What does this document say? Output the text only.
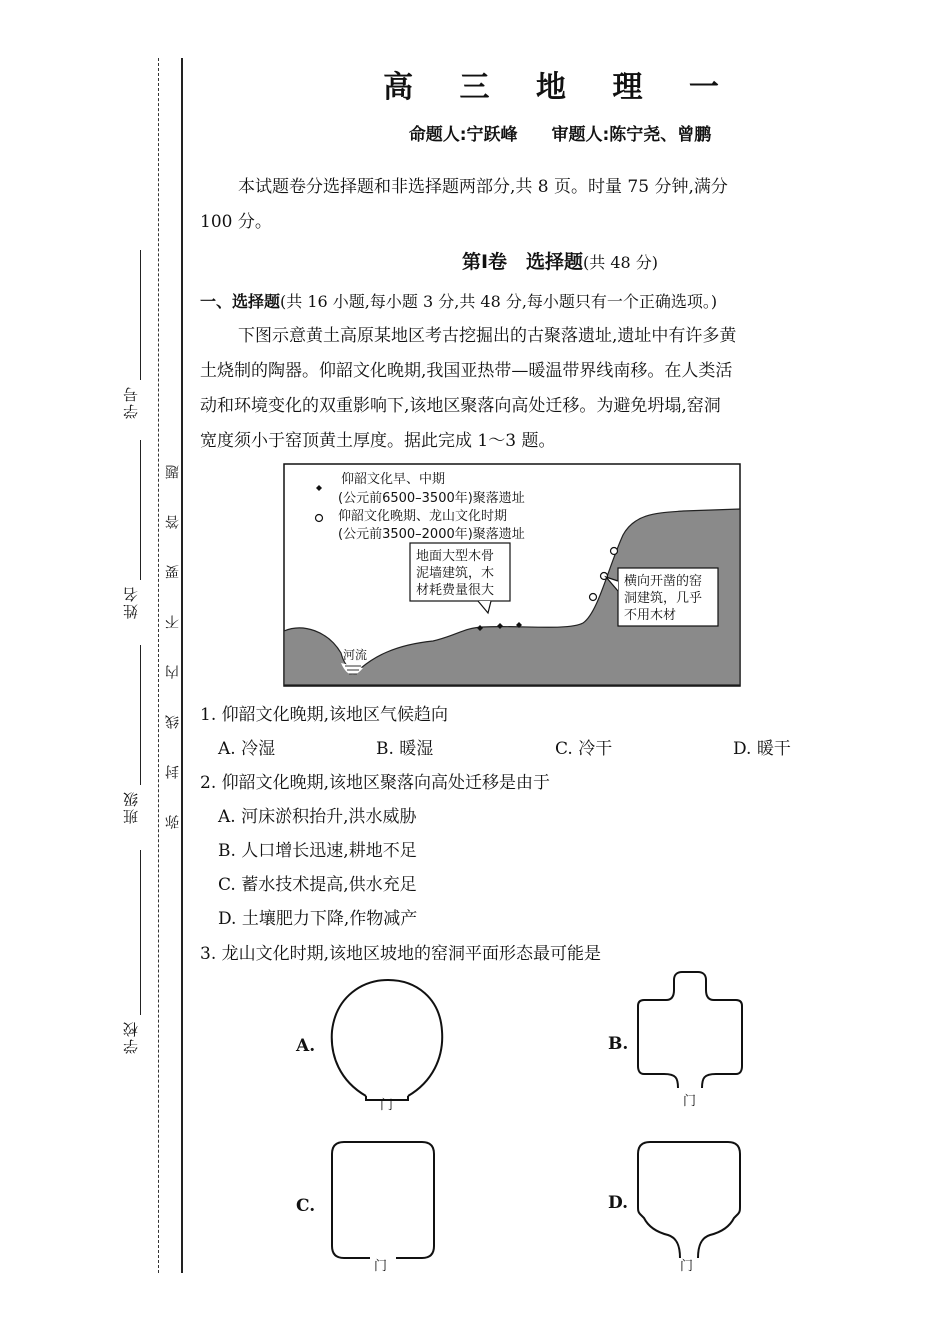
学号
姓名
班级
学校
题
答
要
不
内
线
封
弥
高 三 地 理 一
命题人:宁跃峰 审题人:陈宁尧、曾鹏
本试题卷分选择题和非选择题两部分,共 8 页。时量 75 分钟,满分
100 分。
第Ⅰ卷　选择题(共 48 分)
一、选择题(共 16 小题,每小题 3 分,共 48 分,每小题只有一个正确选项。)
下图示意黄土高原某地区考古挖掘出的古聚落遗址,遗址中有许多黄
土烧制的陶器。仰韶文化晚期,我国亚热带—暖温带界线南移。在人类活
动和环境变化的双重影响下,该地区聚落向高处迁移。为避免坍塌,窑洞
宽度须小于窑顶黄土厚度。据此完成 1～3 题。
河流
仰韶文化早、中期
(公元前6500–3500年)聚落遗址
仰韶文化晚期、龙山文化时期
(公元前3500–2000年)聚落遗址
地面大型木骨
泥墙建筑，木
材耗费量很大
横向开凿的窑
洞建筑，几乎
不用木材
1. 仰韶文化晚期,该地区气候趋向
A. 冷湿	B. 暖湿	C. 冷干	D. 暖干
2. 仰韶文化晚期,该地区聚落向高处迁移是由于
A. 河床淤积抬升,洪水威胁
B. 人口增长迅速,耕地不足
C. 蓄水技术提高,供水充足
D. 土壤肥力下降,作物减产
3. 龙山文化时期,该地区坡地的窑洞平面形态最可能是
A.
门
B.
门
C.
门
D.
门
